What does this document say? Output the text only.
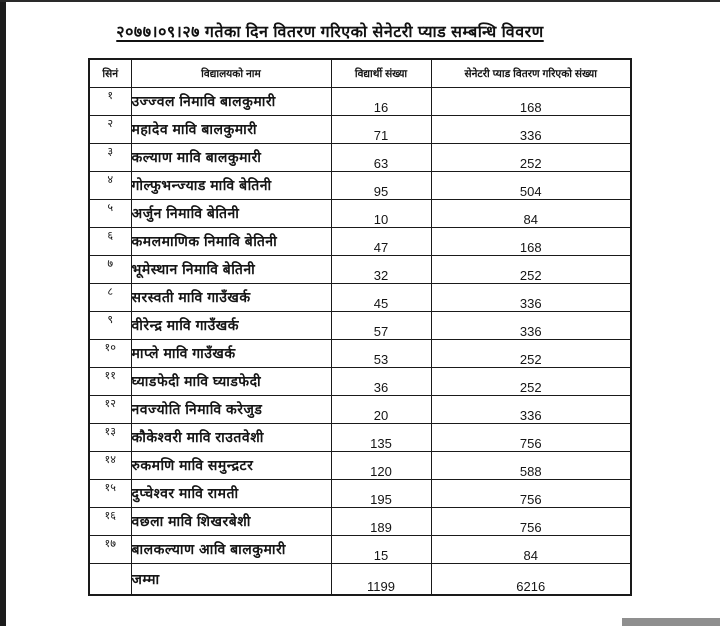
२०७७।०९।२७ गतेका दिन वितरण गरिएको सेनेटरी प्याड सम्बन्धि विवरण
सिनं	विद्यालयको नाम	विद्यार्थी संख्या	सेनेटरी प्याड वितरण गरिएको संख्या
१	उज्ज्वल निमावि बालकुमारी	16	168
२	महादेव मावि बालकुमारी	71	336
३	कल्याण मावि बालकुमारी	63	252
४	गोल्फुभन्ज्याड मावि बेतिनी	95	504
५	अर्जुन निमावि बेतिनी	10	84
६	कमलमाणिक निमावि बेतिनी	47	168
७	भूमेस्थान निमावि बेतिनी	32	252
८	सरस्वती मावि गाउँखर्क	45	336
९	वीरेन्द्र मावि गाउँखर्क	57	336
१०	माप्ले मावि गाउँखर्क	53	252
११	घ्याडफेदी मावि घ्याडफेदी	36	252
१२	नवज्योति निमावि करेजुड	20	336
१३	कौकेश्वरी मावि राउतवेशी	135	756
१४	रुकमणि मावि समुन्द्रटर	120	588
१५	दुप्चेश्वर मावि रामती	195	756
१६	वछला मावि शिखरबेशी	189	756
१७	बालकल्याण आवि बालकुमारी	15	84
	जम्मा	1199	6216
